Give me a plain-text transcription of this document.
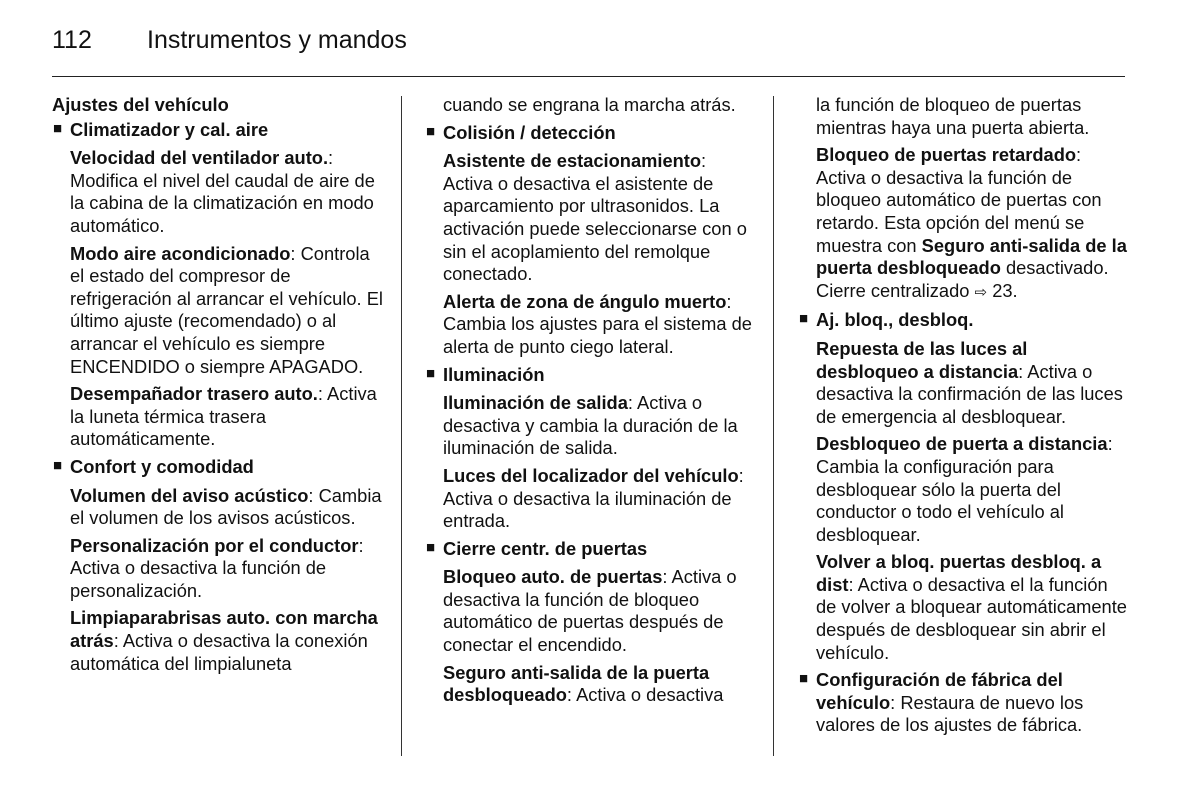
112 Instrumentos y mandos

Ajustes del vehículo

■ Climatizador y cal. aire

Velocidad del ventilador auto.: Modifica el nivel del caudal de aire de la cabina de la climatización en modo automático.

Modo aire acondicionado: Controla el estado del compresor de refrigeración al arrancar el vehículo. El último ajuste (recomendado) o al arrancar el vehículo es siempre ENCENDIDO o siempre APAGADO.

Desempañador trasero auto.: Activa la luneta térmica trasera automáticamente.

■ Confort y comodidad

Volumen del aviso acústico: Cambia el volumen de los avisos acústicos.

Personalización por el conductor: Activa o desactiva la función de personalización.

Limpiaparabrisas auto. con marcha atrás: Activa o desactiva la conexión automática del limpialuneta

cuando se engrana la marcha atrás.

■ Colisión / detección

Asistente de estacionamiento: Activa o desactiva el asistente de aparcamiento por ultrasonidos. La activación puede seleccionarse con o sin el acoplamiento del remolque conectado.

Alerta de zona de ángulo muerto: Cambia los ajustes para el sistema de alerta de punto ciego lateral.

■ Iluminación

Iluminación de salida: Activa o desactiva y cambia la duración de la iluminación de salida.

Luces del localizador del vehículo: Activa o desactiva la iluminación de entrada.

■ Cierre centr. de puertas

Bloqueo auto. de puertas: Activa o desactiva la función de bloqueo automático de puertas después de conectar el encendido.

Seguro anti-salida de la puerta desbloqueado: Activa o desactiva

la función de bloqueo de puertas mientras haya una puerta abierta.

Bloqueo de puertas retardado: Activa o desactiva la función de bloqueo automático de puertas con retardo. Esta opción del menú se muestra con Seguro anti-salida de la puerta desbloqueado desactivado. Cierre centralizado ⇨ 23.

■ Aj. bloq., desbloq.

Repuesta de las luces al desbloqueo a distancia: Activa o desactiva la confirmación de las luces de emergencia al desbloquear.

Desbloqueo de puerta a distancia: Cambia la configuración para desbloquear sólo la puerta del conductor o todo el vehículo al desbloquear.

Volver a bloq. puertas desbloq. a dist: Activa o desactiva el la función de volver a bloquear automáticamente después de desbloquear sin abrir el vehículo.

■ Configuración de fábrica del vehículo: Restaura de nuevo los valores de los ajustes de fábrica.
